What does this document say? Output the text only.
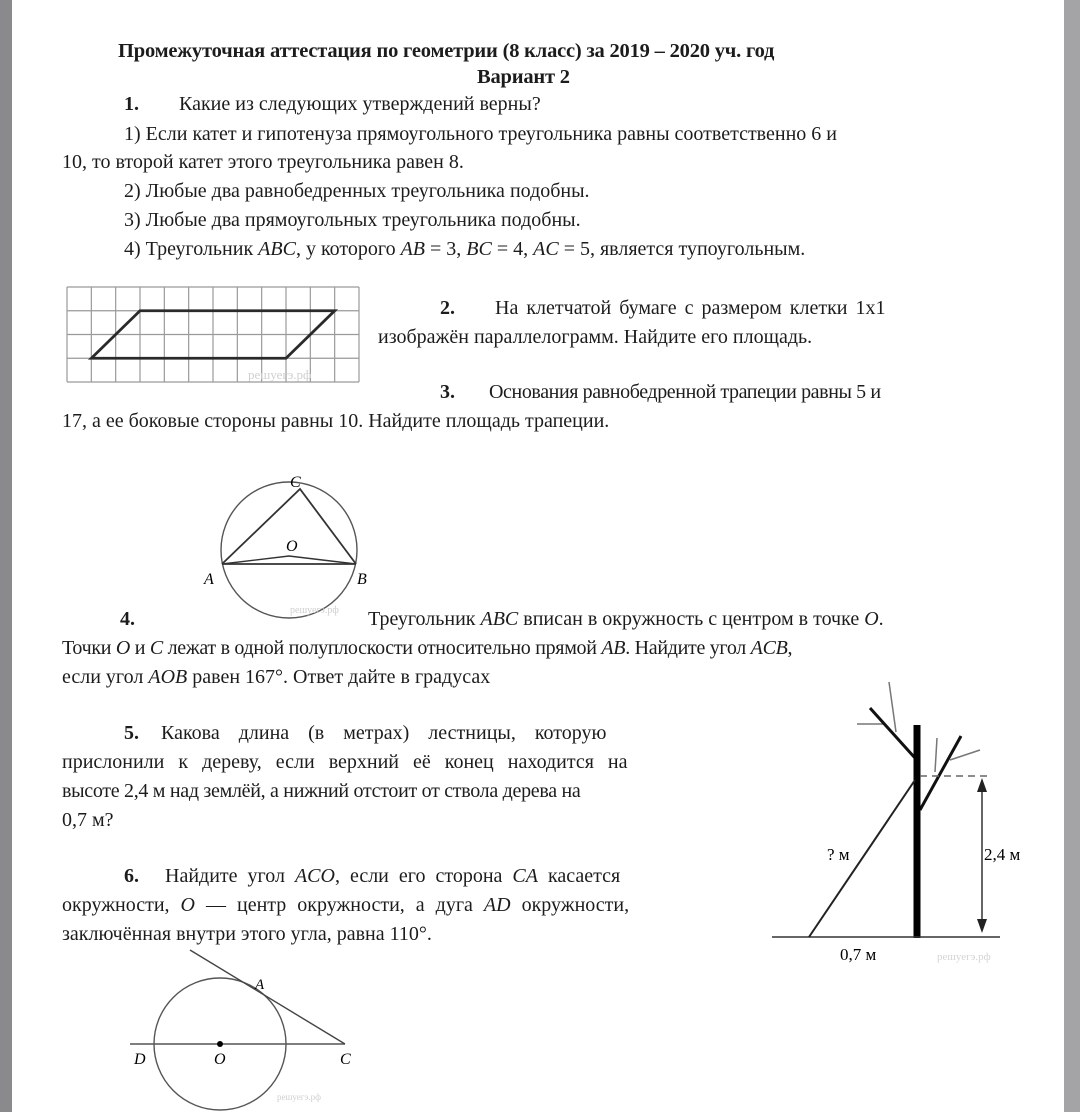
Промежуточная аттестация по геометрии (8 класс) за 2019 – 2020 уч. год
Вариант 2
1. Какие из следующих утверждений верны?
1) Если катет и гипотенуза прямоугольного треугольника равны соответственно 6 и
10, то второй катет этого треугольника равен 8.
2) Любые два равнобедренных треугольника подобны.
3) Любые два прямоугольных треугольника подобны.
4) Треугольник ABC, у которого AB = 3, BC = 4, AC = 5, является тупоугольным.
решуегэ.рф
2. На клетчатой бумаге с размером клетки 1х1
изображён параллелограмм. Найдите его площадь.
3. Основания равнобедренной трапеции равны 5 и
17, а ее боковые стороны равны 10. Найдите площадь трапеции.
C
O
A	B
решуегэ.рф
4.	Треугольник ABC вписан в окружность с центром в точке O.
Точки O и C лежат в одной полуплоскости относительно прямой AB. Найдите угол ACB,
если угол AOB равен 167°. Ответ дайте в градусах
5. Какова длина (в метрах) лестницы, которую
прислонили к дереву, если верхний её конец находится на
высоте 2,4 м над землёй, а нижний отстоит от ствола дерева на
0,7 м?
? м	2,4 м
0,7 м	решуегэ.рф
6. Найдите угол ACO, если его сторона CA касается
окружности, O — центр окружности, а дуга AD окружности,
заключённая внутри этого угла, равна 110°.
A
D	O	C
решуегэ.рф
